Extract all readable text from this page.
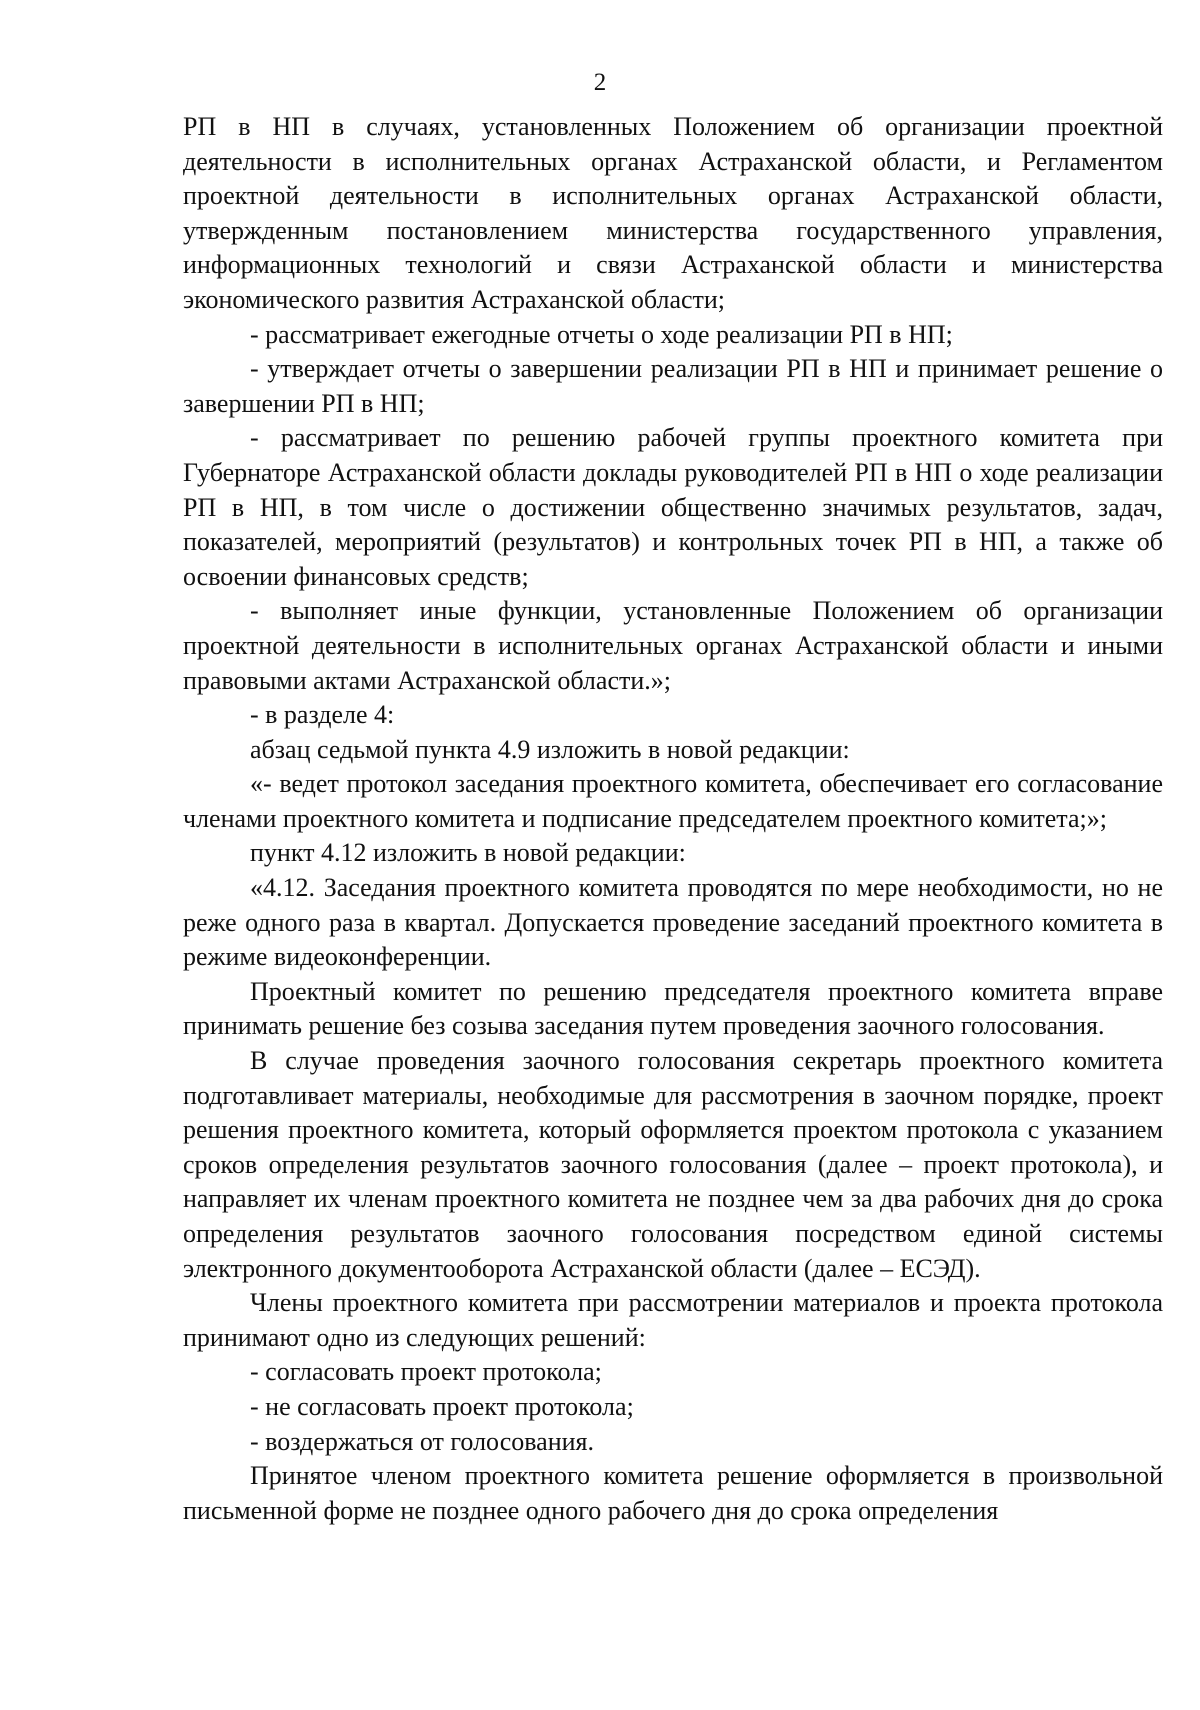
2

РП в НП в случаях, установленных Положением об организации проектной деятельности в исполнительных органах Астраханской области, и Регламентом проектной деятельности в исполнительных органах Астраханской области, утвержденным постановлением министерства государственного управления, информационных технологий и связи Астраханской области и министерства экономического развития Астраханской области;

- рассматривает ежегодные отчеты о ходе реализации РП в НП;

- утверждает отчеты о завершении реализации РП в НП и принимает решение о завершении РП в НП;

- рассматривает по решению рабочей группы проектного комитета при Губернаторе Астраханской области доклады руководителей РП в НП о ходе реализации РП в НП, в том числе о достижении общественно значимых результатов, задач, показателей, мероприятий (результатов) и контрольных точек РП в НП, а также об освоении финансовых средств;

- выполняет иные функции, установленные Положением об организации проектной деятельности в исполнительных органах Астраханской области и иными правовыми актами Астраханской области.»;

- в разделе 4:

абзац седьмой пункта 4.9 изложить в новой редакции:

«- ведет протокол заседания проектного комитета, обеспечивает его согласование членами проектного комитета и подписание председателем проектного комитета;»;

пункт 4.12 изложить в новой редакции:

«4.12. Заседания проектного комитета проводятся по мере необходимости, но не реже одного раза в квартал. Допускается проведение заседаний проектного комитета в режиме видеоконференции.

Проектный комитет по решению председателя проектного комитета вправе принимать решение без созыва заседания путем проведения заочного голосования.

В случае проведения заочного голосования секретарь проектного комитета подготавливает материалы, необходимые для рассмотрения в заочном порядке, проект решения проектного комитета, который оформляется проектом протокола с указанием сроков определения результатов заочного голосования (далее – проект протокола), и направляет их членам проектного комитета не позднее чем за два рабочих дня до срока определения результатов заочного голосования посредством единой системы электронного документооборота Астраханской области (далее – ЕСЭД).

Члены проектного комитета при рассмотрении материалов и проекта протокола принимают одно из следующих решений:

- согласовать проект протокола;

- не согласовать проект протокола;

- воздержаться от голосования.

Принятое членом проектного комитета решение оформляется в произвольной письменной форме не позднее одного рабочего дня до срока определения
